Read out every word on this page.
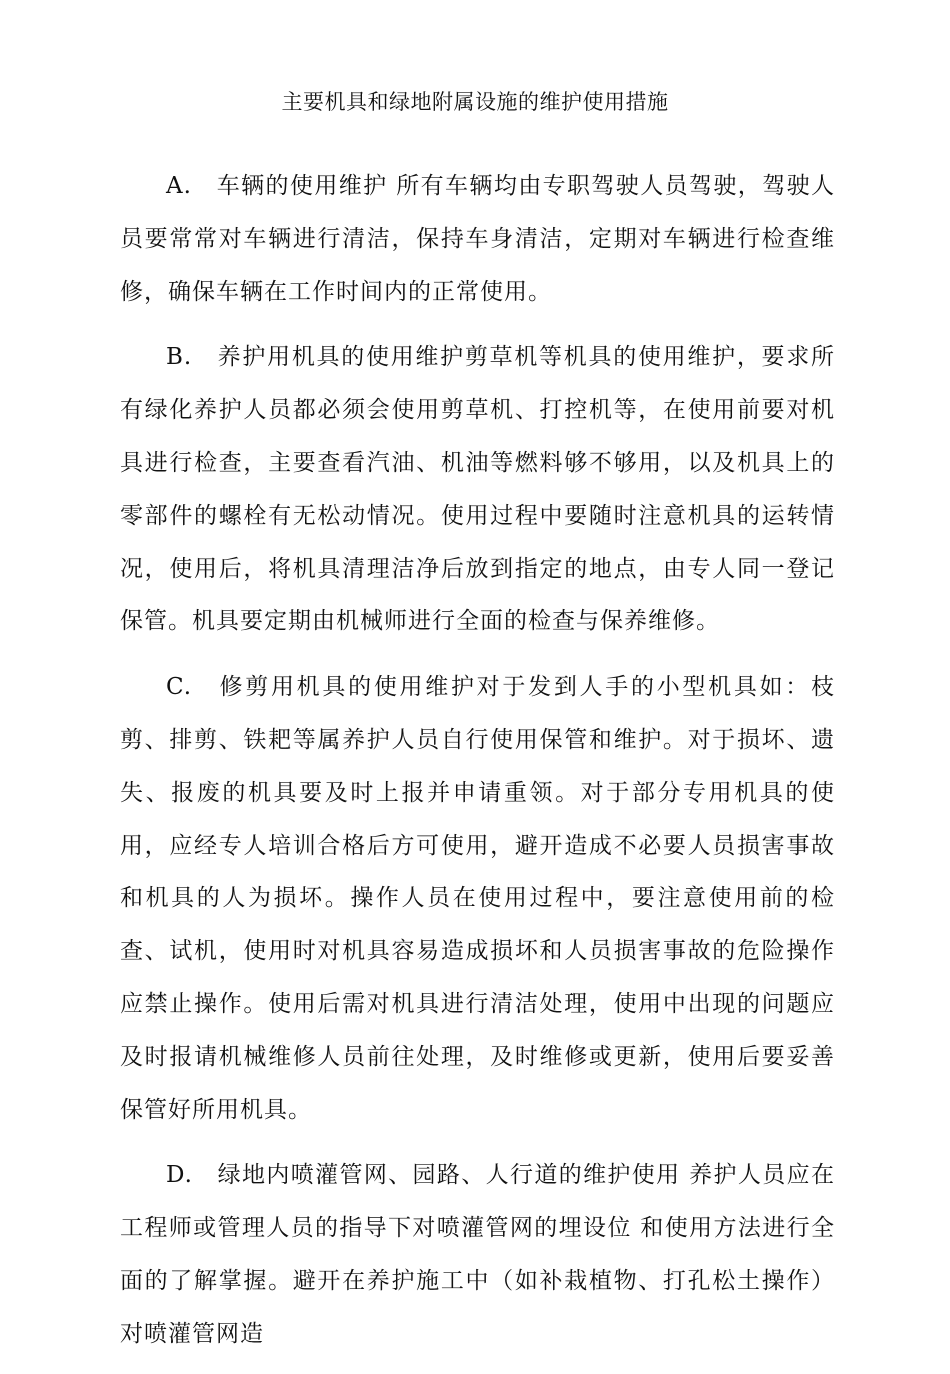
主要机具和绿地附属设施的维护使用措施

A.　车辆的使用维护 所有车辆均由专职驾驶人员驾驶，驾驶人员要常常对车辆进行清洁，保持车身清洁，定期对车辆进行检查维修，确保车辆在工作时间内的正常使用。

B.　养护用机具的使用维护剪草机等机具的使用维护，要求所有绿化养护人员都必须会使用剪草机、打控机等，在使用前要对机具进行检查，主要查看汽油、机油等燃料够不够用，以及机具上的零部件的螺栓有无松动情况。使用过程中要随时注意机具的运转情况，使用后，将机具清理洁净后放到指定的地点，由专人同一登记保管。机具要定期由机械师进行全面的检查与保养维修。

C.　修剪用机具的使用维护对于发到人手的小型机具如：枝剪、排剪、铁耙等属养护人员自行使用保管和维护。对于损坏、遗失、报废的机具要及时上报并申请重领。对于部分专用机具的使用，应经专人培训合格后方可使用，避开造成不必要人员损害事故和机具的人为损坏。操作人员在使用过程中，要注意使用前的检查、试机，使用时对机具容易造成损坏和人员损害事故的危险操作应禁止操作。使用后需对机具进行清洁处理，使用中出现的问题应及时报请机械维修人员前往处理，及时维修或更新，使用后要妥善保管好所用机具。

D.　绿地内喷灌管网、园路、人行道的维护使用 养护人员应在工程师或管理人员的指导下对喷灌管网的埋设位 和使用方法进行全面的了解掌握。避开在养护施工中（如补栽植物、打孔松土操作）对喷灌管网造
